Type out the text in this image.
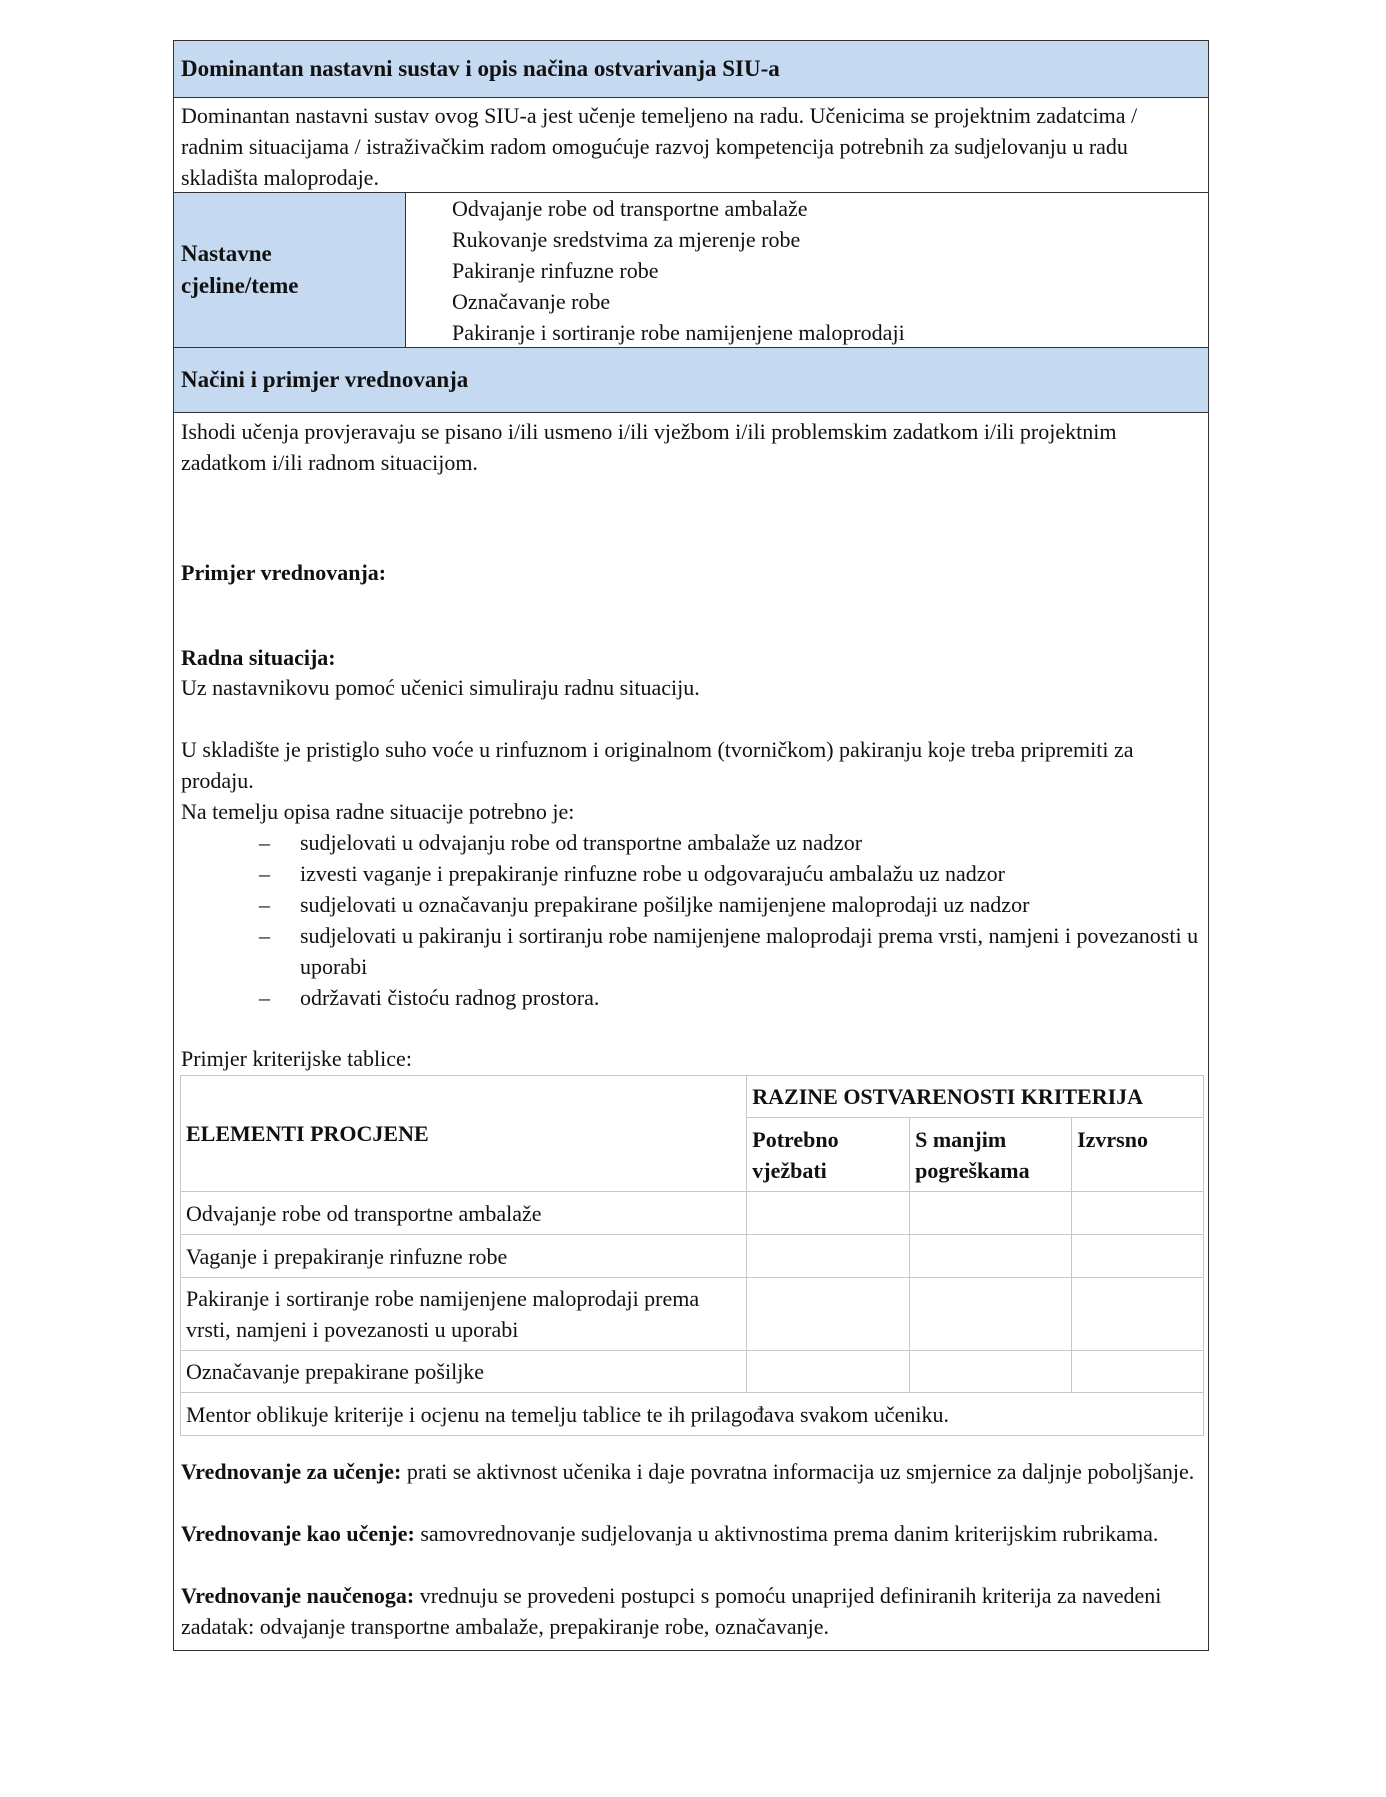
Dominantan nastavni sustav i opis načina ostvarivanja SIU-a
Dominantan nastavni sustav ovog SIU-a jest učenje temeljeno na radu. Učenicima se projektnim zadatcima / radnim situacijama / istraživačkim radom omogućuje razvoj kompetencija potrebnih za sudjelovanju u radu skladišta maloprodaje.
Nastavne
cjeline/teme
Odvajanje robe od transportne ambalaže
Rukovanje sredstvima za mjerenje robe
Pakiranje rinfuzne robe
Označavanje robe
Pakiranje i sortiranje robe namijenjene maloprodaji
Načini i primjer vrednovanja
Ishodi učenja provjeravaju se pisano i/ili usmeno i/ili vježbom i/ili problemskim zadatkom i/ili projektnim zadatkom i/ili radnom situacijom.
Primjer vrednovanja:
Radna situacija:
Uz nastavnikovu pomoć učenici simuliraju radnu situaciju.
U skladište je pristiglo suho voće u rinfuznom i originalnom (tvorničkom) pakiranju koje treba pripremiti za prodaju.
Na temelju opisa radne situacije potrebno je:
– sudjelovati u odvajanju robe od transportne ambalaže uz nadzor
– izvesti vaganje i prepakiranje rinfuzne robe u odgovarajuću ambalažu uz nadzor
– sudjelovati u označavanju prepakirane pošiljke namijenjene maloprodaji uz nadzor
– sudjelovati u pakiranju i sortiranju robe namijenjene maloprodaji prema vrsti, namjeni i povezanosti u uporabi
– održavati čistoću radnog prostora.
Primjer kriterijske tablice:
ELEMENTI PROCJENE	RAZINE OSTVARENOSTI KRITERIJA		
	Potrebno vježbati	S manjim pogreškama	Izvrsno
Odvajanje robe od transportne ambalaže			
Vaganje i prepakiranje rinfuzne robe			
Pakiranje i sortiranje robe namijenjene maloprodaji prema vrsti, namjeni i povezanosti u uporabi			
Označavanje prepakirane pošiljke			
Mentor oblikuje kriterije i ocjenu na temelju tablice te ih prilagođava svakom učeniku.			
Vrednovanje za učenje: prati se aktivnost učenika i daje povratna informacija uz smjernice za daljnje poboljšanje.
Vrednovanje kao učenje: samovrednovanje sudjelovanja u aktivnostima prema danim kriterijskim rubrikama.
Vrednovanje naučenoga: vrednuju se provedeni postupci s pomoću unaprijed definiranih kriterija za navedeni zadatak: odvajanje transportne ambalaže, prepakiranje robe, označavanje.
